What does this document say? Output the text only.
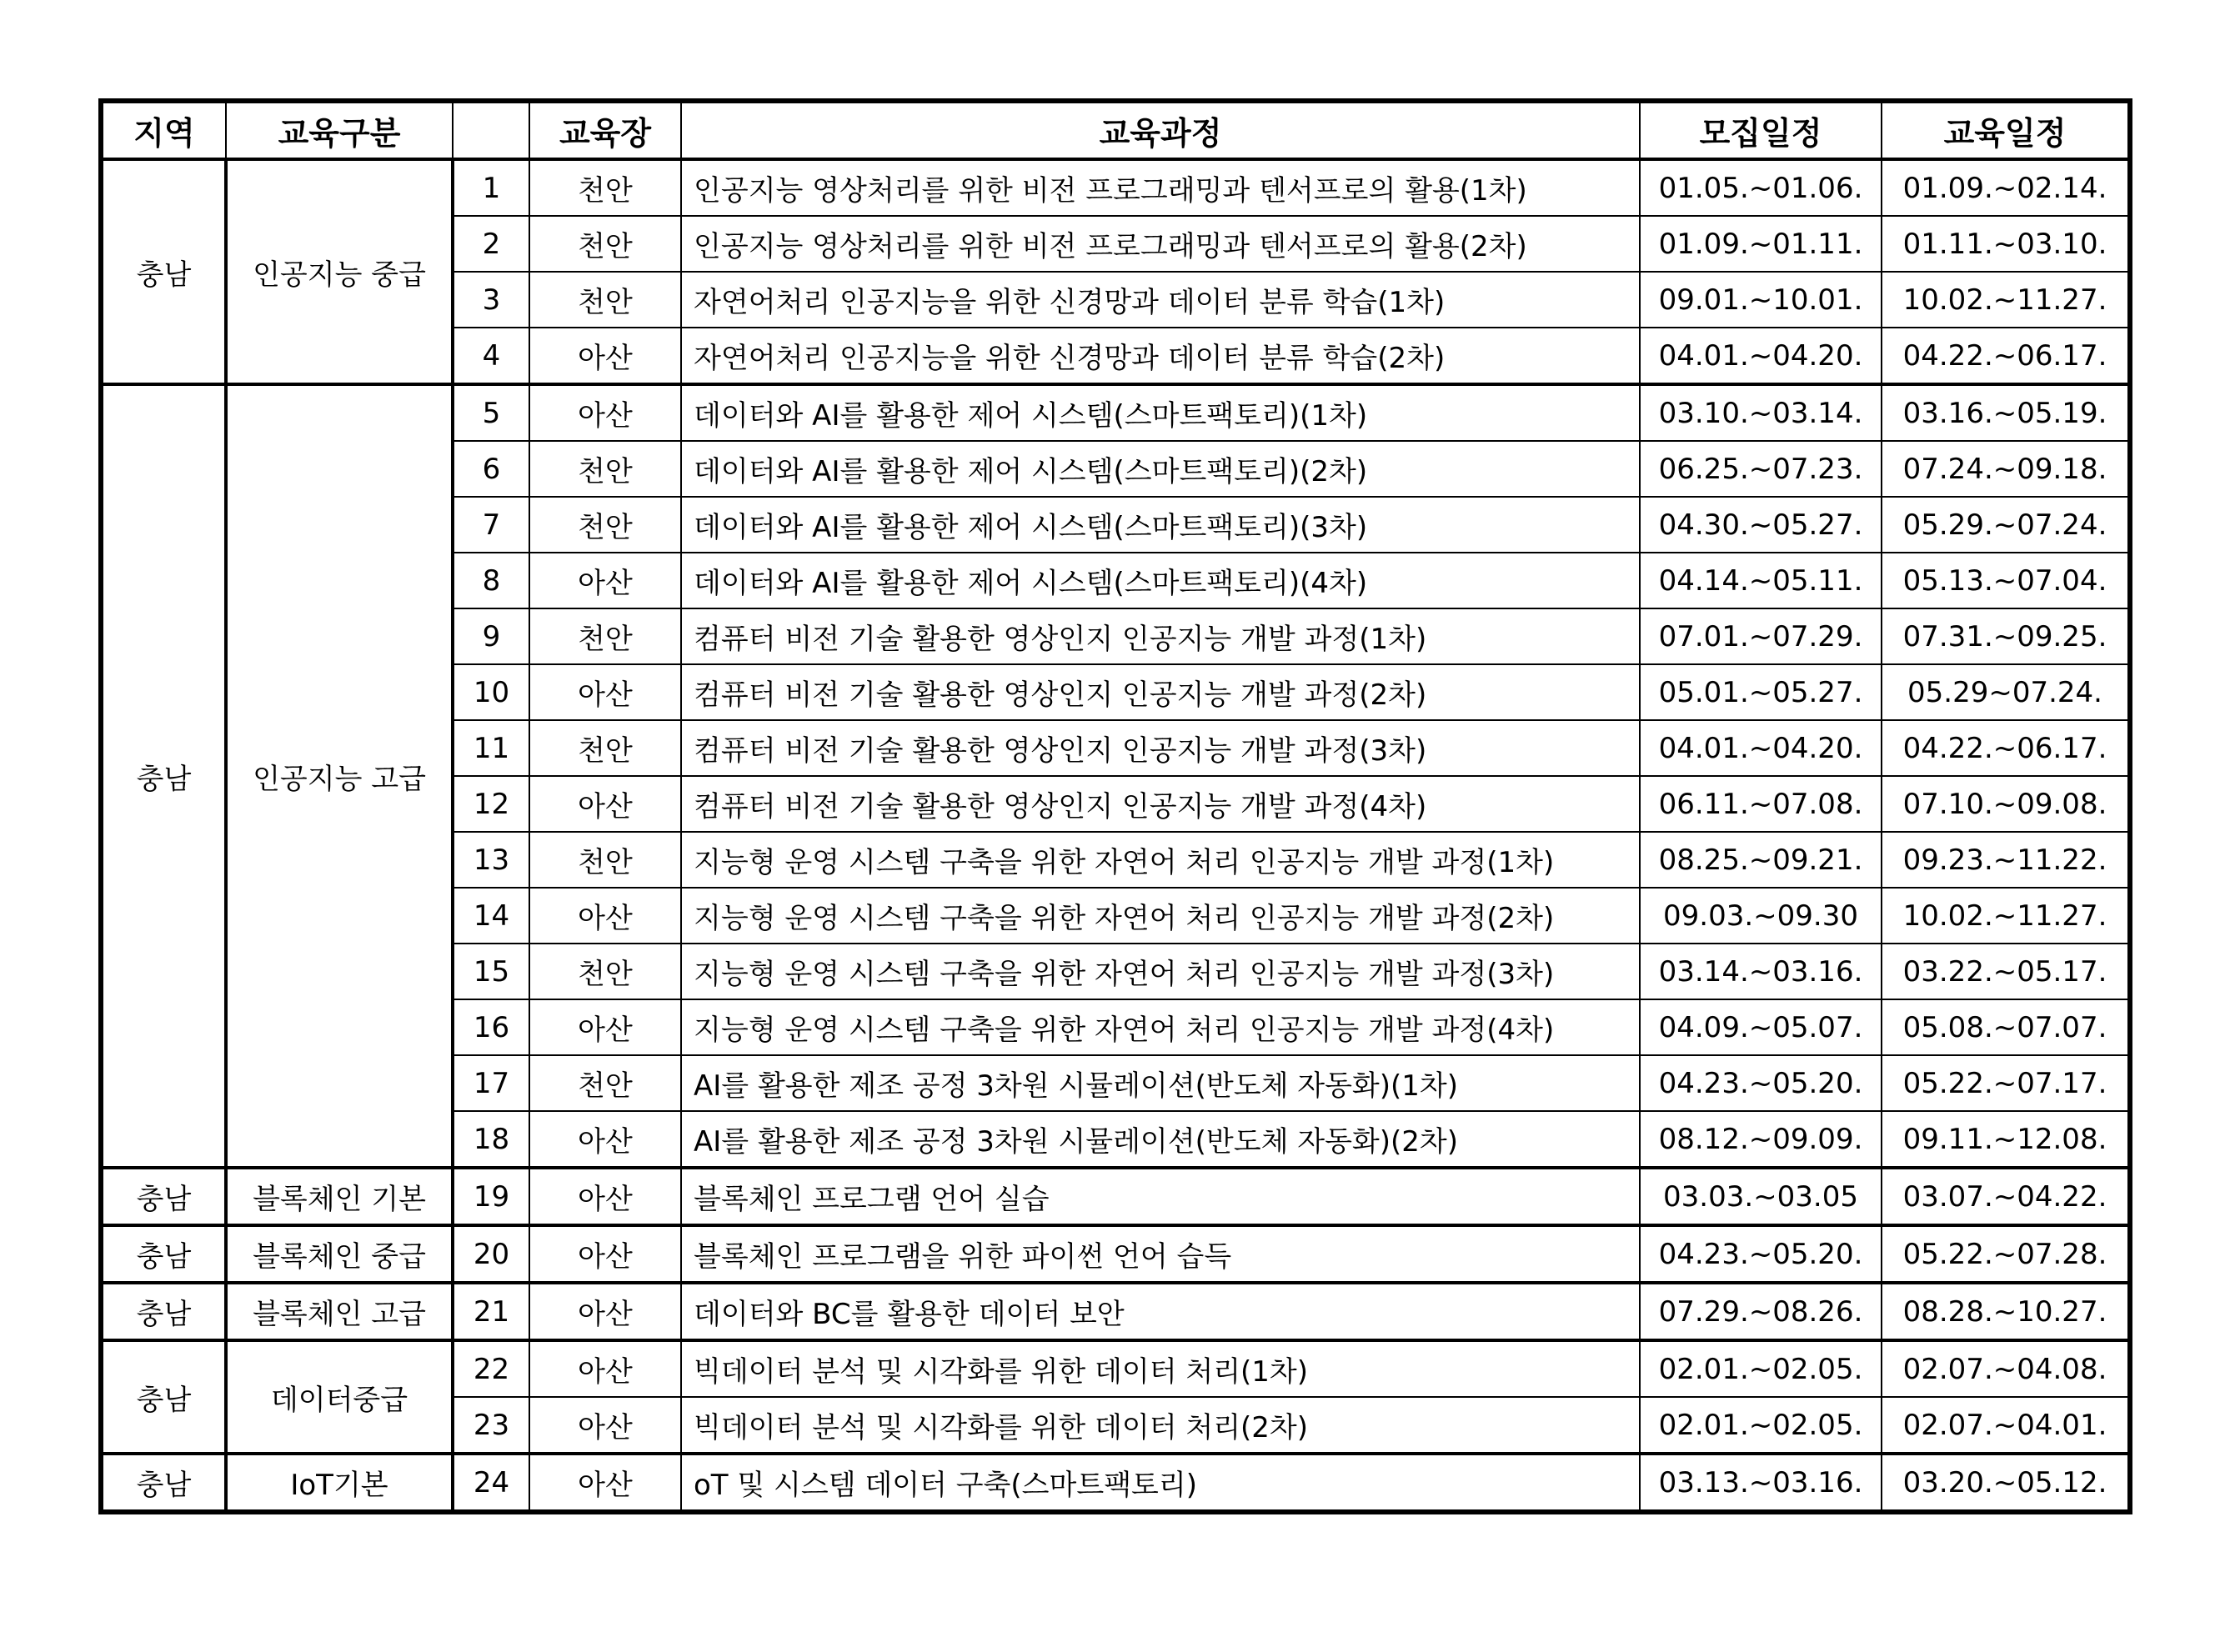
지역	교육구분		교육장	교육과정	모집일정	교육일정
충남	인공지능 중급	1	천안	인공지능 영상처리를 위한 비전 프로그래밍과 텐서프로의 활용(1차)	01.05.~01.06.	01.09.~02.14.
		2	천안	인공지능 영상처리를 위한 비전 프로그래밍과 텐서프로의 활용(2차)	01.09.~01.11.	01.11.~03.10.
		3	천안	자연어처리 인공지능을 위한 신경망과 데이터 분류 학습(1차)	09.01.~10.01.	10.02.~11.27.
		4	아산	자연어처리 인공지능을 위한 신경망과 데이터 분류 학습(2차)	04.01.~04.20.	04.22.~06.17.
충남	인공지능 고급	5	아산	데이터와 AI를 활용한 제어 시스템(스마트팩토리)(1차)	03.10.~03.14.	03.16.~05.19.
		6	천안	데이터와 AI를 활용한 제어 시스템(스마트팩토리)(2차)	06.25.~07.23.	07.24.~09.18.
		7	천안	데이터와 AI를 활용한 제어 시스템(스마트팩토리)(3차)	04.30.~05.27.	05.29.~07.24.
		8	아산	데이터와 AI를 활용한 제어 시스템(스마트팩토리)(4차)	04.14.~05.11.	05.13.~07.04.
		9	천안	컴퓨터 비전 기술 활용한 영상인지 인공지능 개발 과정(1차)	07.01.~07.29.	07.31.~09.25.
		10	아산	컴퓨터 비전 기술 활용한 영상인지 인공지능 개발 과정(2차)	05.01.~05.27.	05.29~07.24.
		11	천안	컴퓨터 비전 기술 활용한 영상인지 인공지능 개발 과정(3차)	04.01.~04.20.	04.22.~06.17.
		12	아산	컴퓨터 비전 기술 활용한 영상인지 인공지능 개발 과정(4차)	06.11.~07.08.	07.10.~09.08.
		13	천안	지능형 운영 시스템 구축을 위한 자연어 처리 인공지능 개발 과정(1차)	08.25.~09.21.	09.23.~11.22.
		14	아산	지능형 운영 시스템 구축을 위한 자연어 처리 인공지능 개발 과정(2차)	09.03.~09.30	10.02.~11.27.
		15	천안	지능형 운영 시스템 구축을 위한 자연어 처리 인공지능 개발 과정(3차)	03.14.~03.16.	03.22.~05.17.
		16	아산	지능형 운영 시스템 구축을 위한 자연어 처리 인공지능 개발 과정(4차)	04.09.~05.07.	05.08.~07.07.
		17	천안	AI를 활용한 제조 공정 3차원 시뮬레이션(반도체 자동화)(1차)	04.23.~05.20.	05.22.~07.17.
		18	아산	AI를 활용한 제조 공정 3차원 시뮬레이션(반도체 자동화)(2차)	08.12.~09.09.	09.11.~12.08.
충남	블록체인 기본	19	아산	블록체인 프로그램 언어 실습	03.03.~03.05	03.07.~04.22.
충남	블록체인 중급	20	아산	블록체인 프로그램을 위한 파이썬 언어 습득	04.23.~05.20.	05.22.~07.28.
충남	블록체인 고급	21	아산	데이터와 BC를 활용한 데이터 보안	07.29.~08.26.	08.28.~10.27.
충남	데이터중급	22	아산	빅데이터 분석 및 시각화를 위한 데이터 처리(1차)	02.01.~02.05.	02.07.~04.08.
		23	아산	빅데이터 분석 및 시각화를 위한 데이터 처리(2차)	02.01.~02.05.	02.07.~04.01.
충남	IoT기본	24	아산	oT 및 시스템 데이터 구축(스마트팩토리)	03.13.~03.16.	03.20.~05.12.
